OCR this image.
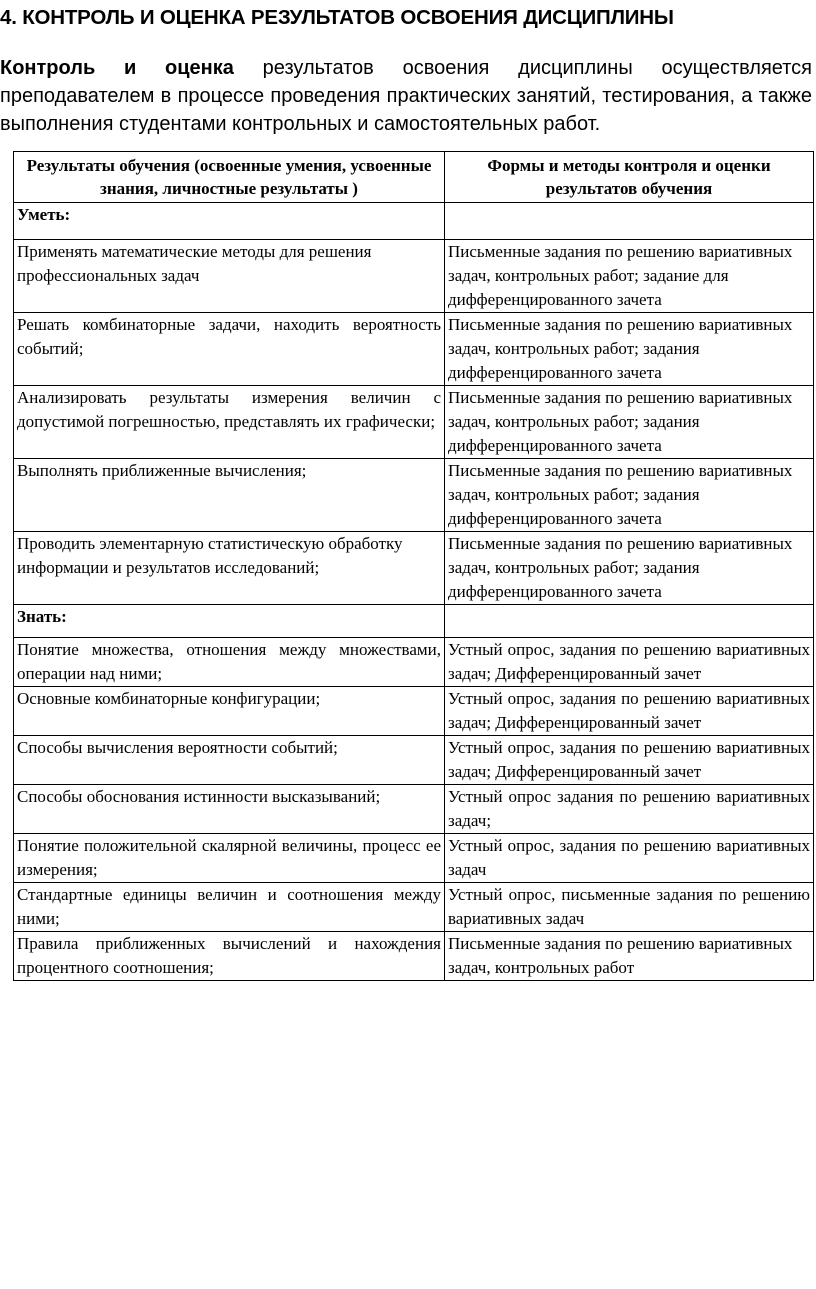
4. КОНТРОЛЬ И ОЦЕНКА РЕЗУЛЬТАТОВ ОСВОЕНИЯ ДИСЦИПЛИНЫ
Контроль и оценка результатов освоения дисциплины осуществляется преподавателем в процессе проведения практических занятий, тестирования, а также выполнения студентами контрольных и самостоятельных работ.
Результаты обучения (освоенные умения, усвоенные знания, личностные результаты )	Формы и методы контроля и оценки результатов обучения
Уметь:	
Применять математические методы для решения профессиональных задач	Письменные задания по решению вариативных задач, контрольных работ; задание для дифференцированного зачета
Решать комбинаторные задачи, находить вероятность событий;	Письменные задания по решению вариативных задач, контрольных работ; задания дифференцированного зачета
Анализировать результаты измерения величин с допустимой погрешностью, представлять их графически;	Письменные задания по решению вариативных задач, контрольных работ; задания дифференцированного зачета
Выполнять приближенные вычисления;	Письменные задания по решению вариативных задач, контрольных работ; задания дифференцированного зачета
Проводить элементарную статистическую обработку информации и результатов исследований;	Письменные задания по решению вариативных задач, контрольных работ; задания дифференцированного зачета
Знать:	
Понятие множества, отношения между множествами, операции над ними;	Устный опрос, задания по решению вариативных задач; Дифференцированный зачет
Основные комбинаторные конфигурации;	Устный опрос, задания по решению вариативных задач; Дифференцированный зачет
Способы вычисления вероятности событий;	Устный опрос, задания по решению вариативных задач; Дифференцированный зачет
Способы обоснования истинности высказываний;	Устный опрос задания по решению вариативных задач;
Понятие положительной скалярной величины, процесс ее измерения;	Устный опрос, задания по решению вариативных задач
Стандартные единицы величин и соотношения между ними;	Устный опрос, письменные задания по решению вариативных задач
Правила приближенных вычислений и нахождения процентного соотношения;	Письменные задания по решению вариативных задач, контрольных работ
